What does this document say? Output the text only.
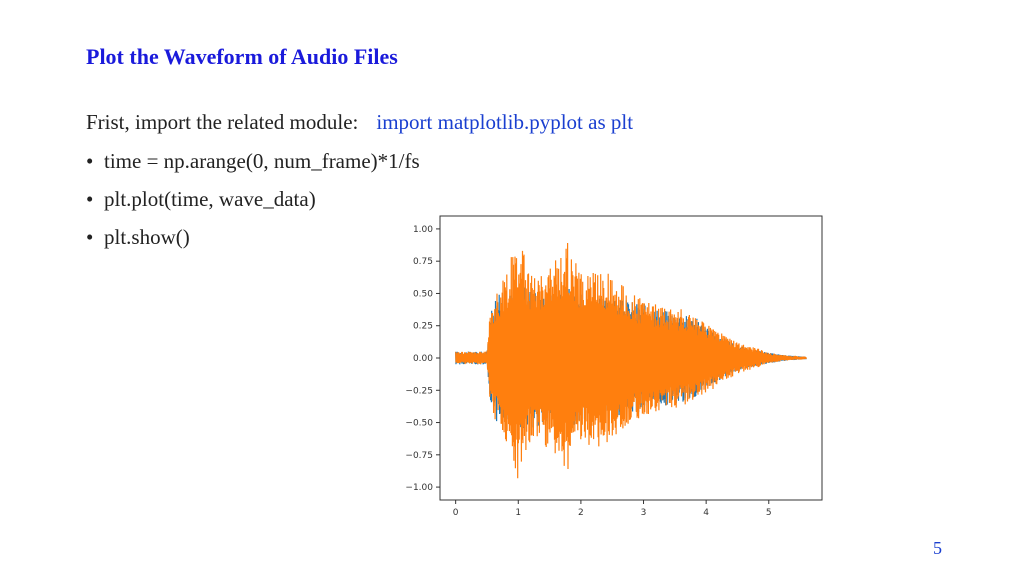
Plot the Waveform of Audio Files
Frist, import the related module: import matplotlib.pyplot as plt
• time = np.arange(0, num_frame)*1/fs
• plt.plot(time, wave_data)
• plt.show()	1.00
0.75
0.50
0.25
0.00
−0.25
−0.50
−0.75
−1.00
0	1	2	3	4	5
5
